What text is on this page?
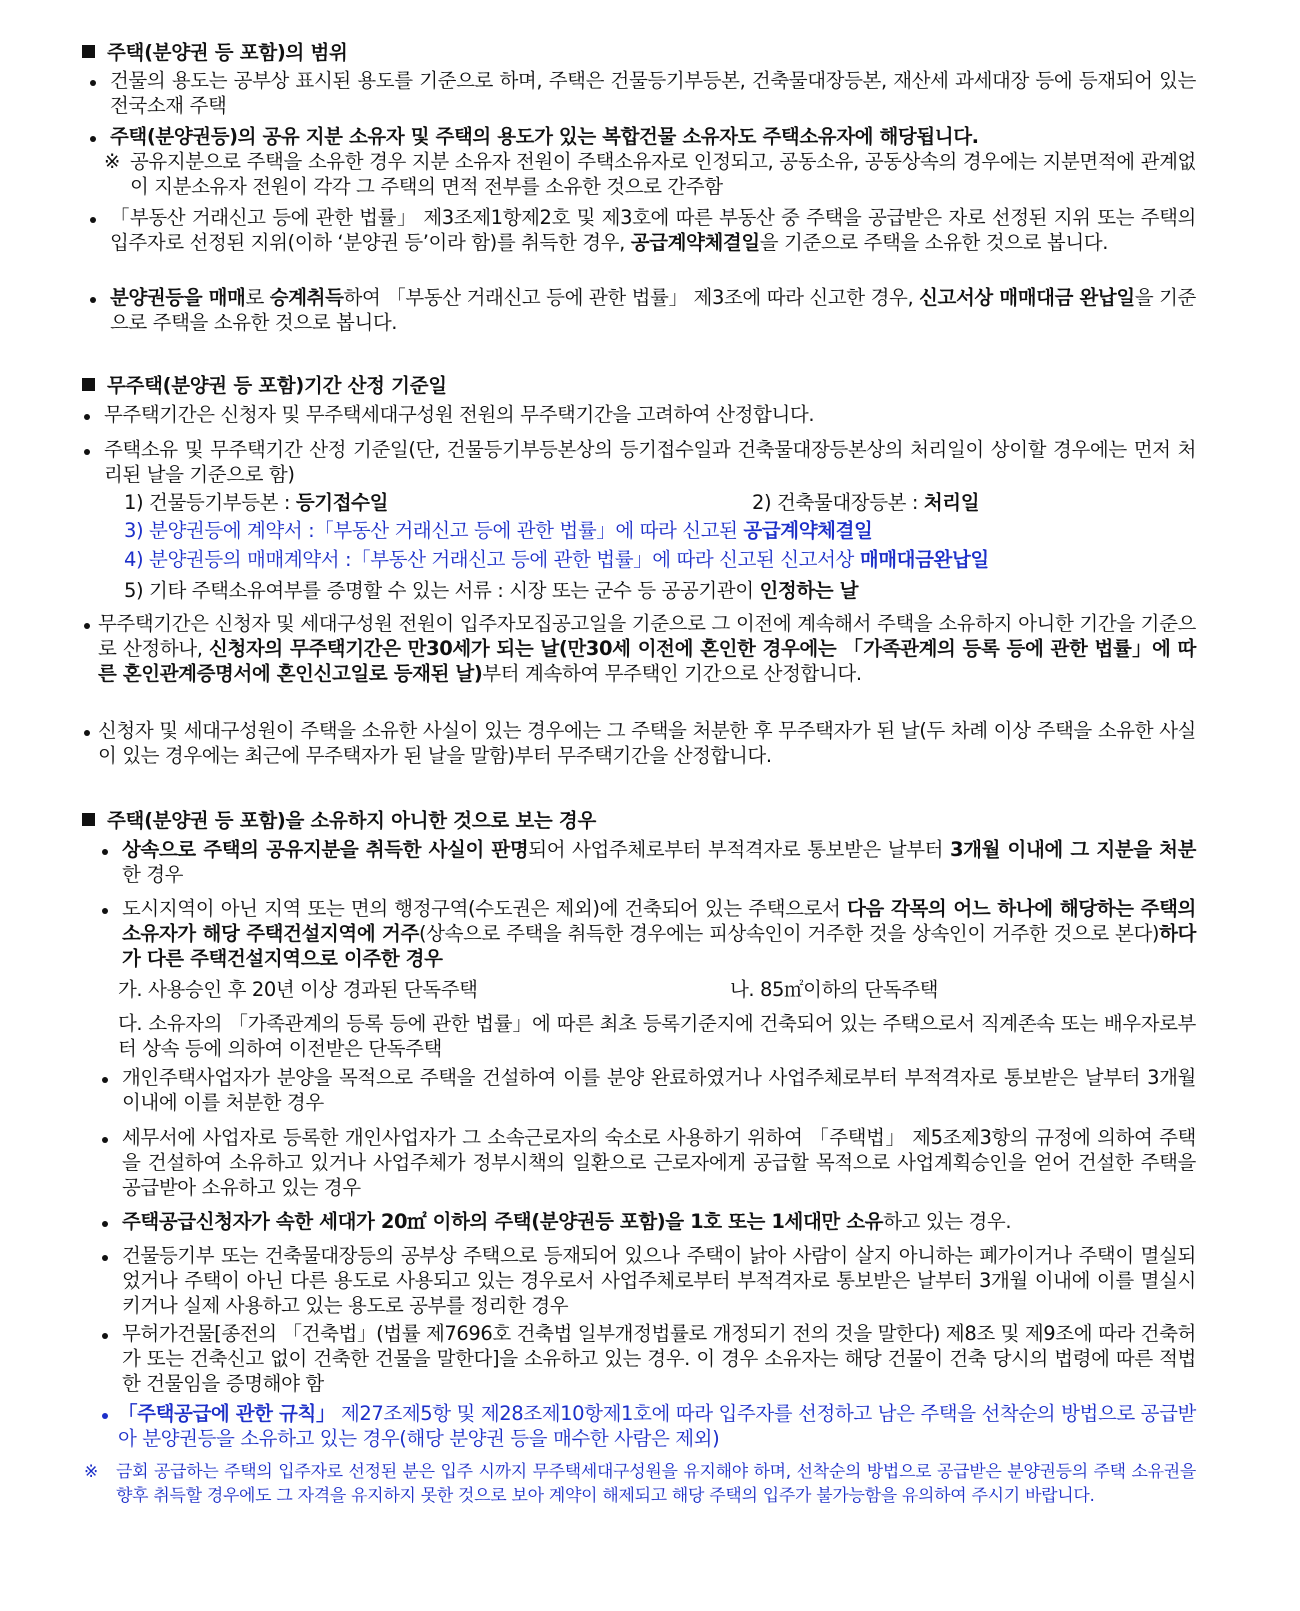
주택(분양권 등 포함)의 범위
건물의 용도는 공부상 표시된 용도를 기준으로 하며, 주택은 건물등기부등본, 건축물대장등본, 재산세 과세대장 등에 등재되어 있는 전국소재 주택
주택(분양권등)의 공유 지분 소유자 및 주택의 용도가 있는 복합건물 소유자도 주택소유자에 해당됩니다.
※ 공유지분으로 주택을 소유한 경우 지분 소유자 전원이 주택소유자로 인정되고, 공동소유, 공동상속의 경우에는 지분면적에 관계없이 지분소유자 전원이 각각 그 주택의 면적 전부를 소유한 것으로 간주함
「부동산 거래신고 등에 관한 법률」 제3조제1항제2호 및 제3호에 따른 부동산 중 주택을 공급받은 자로 선정된 지위 또는 주택의 입주자로 선정된 지위(이하 ‘분양권 등’이라 함)를 취득한 경우, 공급계약체결일을 기준으로 주택을 소유한 것으로 봅니다.
분양권등을 매매로 승계취득하여 「부동산 거래신고 등에 관한 법률」 제3조에 따라 신고한 경우, 신고서상 매매대금 완납일을 기준으로 주택을 소유한 것으로 봅니다.
무주택(분양권 등 포함)기간 산정 기준일
무주택기간은 신청자 및 무주택세대구성원 전원의 무주택기간을 고려하여 산정합니다.
주택소유 및 무주택기간 산정 기준일(단, 건물등기부등본상의 등기접수일과 건축물대장등본상의 처리일이 상이할 경우에는 먼저 처리된 날을 기준으로 함)
1) 건물등기부등본 : 등기접수일	2) 건축물대장등본 : 처리일
3) 분양권등에 계약서 :「부동산 거래신고 등에 관한 법률」에 따라 신고된 공급계약체결일
4) 분양권등의 매매계약서 :「부동산 거래신고 등에 관한 법률」에 따라 신고된 신고서상 매매대금완납일
5) 기타 주택소유여부를 증명할 수 있는 서류 : 시장 또는 군수 등 공공기관이 인정하는 날
무주택기간은 신청자 및 세대구성원 전원이 입주자모집공고일을 기준으로 그 이전에 계속해서 주택을 소유하지 아니한 기간을 기준으로 산정하나, 신청자의 무주택기간은 만30세가 되는 날(만30세 이전에 혼인한 경우에는 「가족관계의 등록 등에 관한 법률」에 따른 혼인관계증명서에 혼인신고일로 등재된 날)부터 계속하여 무주택인 기간으로 산정합니다.
신청자 및 세대구성원이 주택을 소유한 사실이 있는 경우에는 그 주택을 처분한 후 무주택자가 된 날(두 차례 이상 주택을 소유한 사실이 있는 경우에는 최근에 무주택자가 된 날을 말함)부터 무주택기간을 산정합니다.
주택(분양권 등 포함)을 소유하지 아니한 것으로 보는 경우
상속으로 주택의 공유지분을 취득한 사실이 판명되어 사업주체로부터 부적격자로 통보받은 날부터 3개월 이내에 그 지분을 처분한 경우
도시지역이 아닌 지역 또는 면의 행정구역(수도권은 제외)에 건축되어 있는 주택으로서 다음 각목의 어느 하나에 해당하는 주택의 소유자가 해당 주택건설지역에 거주(상속으로 주택을 취득한 경우에는 피상속인이 거주한 것을 상속인이 거주한 것으로 본다)하다가 다른 주택건설지역으로 이주한 경우
가. 사용승인 후 20년 이상 경과된 단독주택	나. 85㎡이하의 단독주택
다. 소유자의 「가족관계의 등록 등에 관한 법률」에 따른 최초 등록기준지에 건축되어 있는 주택으로서 직계존속 또는 배우자로부터 상속 등에 의하여 이전받은 단독주택
개인주택사업자가 분양을 목적으로 주택을 건설하여 이를 분양 완료하였거나 사업주체로부터 부적격자로 통보받은 날부터 3개월 이내에 이를 처분한 경우
세무서에 사업자로 등록한 개인사업자가 그 소속근로자의 숙소로 사용하기 위하여 「주택법」 제5조제3항의 규정에 의하여 주택을 건설하여 소유하고 있거나 사업주체가 정부시책의 일환으로 근로자에게 공급할 목적으로 사업계획승인을 얻어 건설한 주택을 공급받아 소유하고 있는 경우
주택공급신청자가 속한 세대가 20㎡ 이하의 주택(분양권등 포함)을 1호 또는 1세대만 소유하고 있는 경우.
건물등기부 또는 건축물대장등의 공부상 주택으로 등재되어 있으나 주택이 낡아 사람이 살지 아니하는 폐가이거나 주택이 멸실되었거나 주택이 아닌 다른 용도로 사용되고 있는 경우로서 사업주체로부터 부적격자로 통보받은 날부터 3개월 이내에 이를 멸실시키거나 실제 사용하고 있는 용도로 공부를 정리한 경우
무허가건물[종전의 「건축법」(법률 제7696호 건축법 일부개정법률로 개정되기 전의 것을 말한다) 제8조 및 제9조에 따라 건축허가 또는 건축신고 없이 건축한 건물을 말한다]을 소유하고 있는 경우. 이 경우 소유자는 해당 건물이 건축 당시의 법령에 따른 적법한 건물임을 증명해야 함
「주택공급에 관한 규칙」 제27조제5항 및 제28조제10항제1호에 따라 입주자를 선정하고 남은 주택을 선착순의 방법으로 공급받아 분양권등을 소유하고 있는 경우(해당 분양권 등을 매수한 사람은 제외)
※ 금회 공급하는 주택의 입주자로 선정된 분은 입주 시까지 무주택세대구성원을 유지해야 하며, 선착순의 방법으로 공급받은 분양권등의 주택 소유권을 향후 취득할 경우에도 그 자격을 유지하지 못한 것으로 보아 계약이 해제되고 해당 주택의 입주가 불가능함을 유의하여 주시기 바랍니다.
